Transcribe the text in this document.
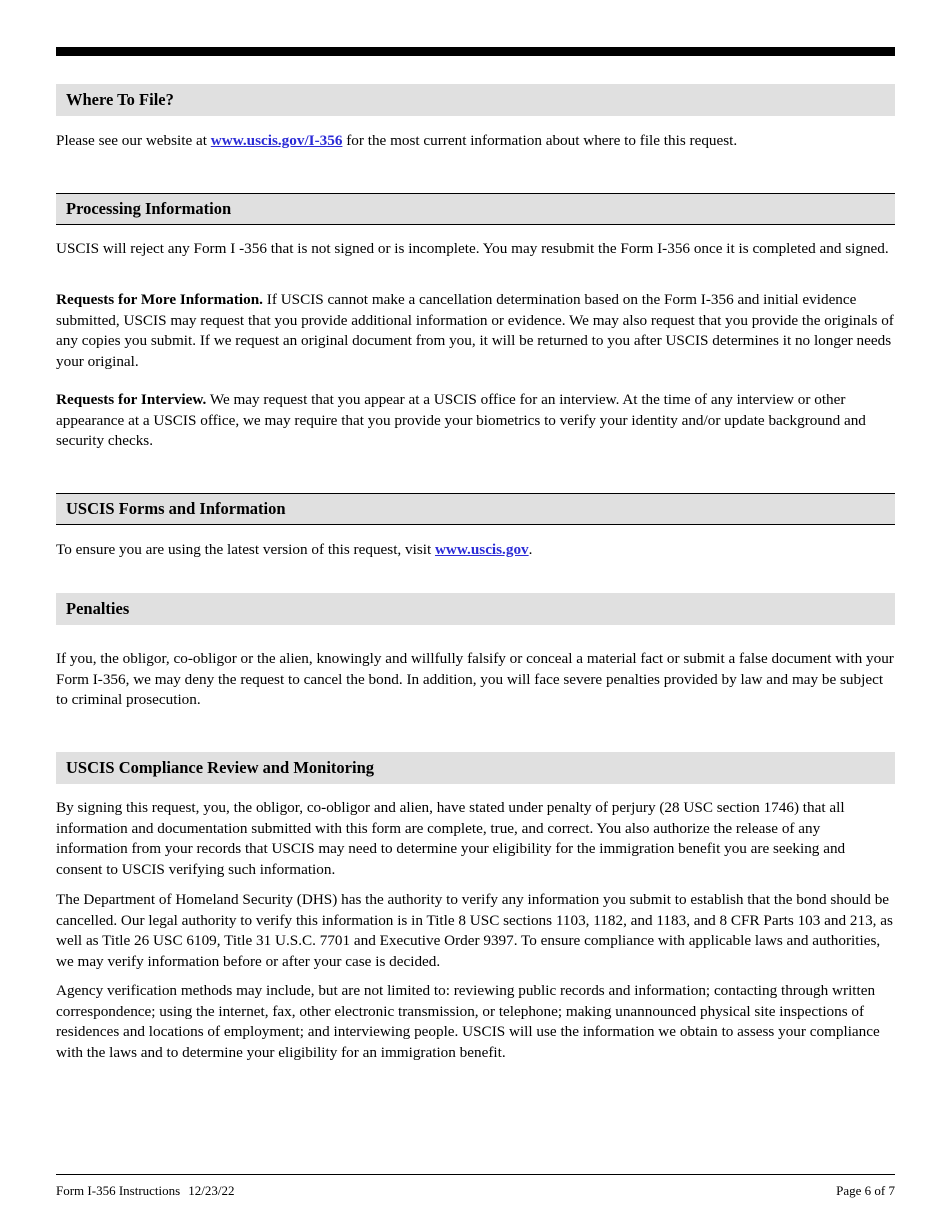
Where To File?

Please see our website at www.uscis.gov/I-356 for the most current information about where to file this request.

Processing Information

USCIS will reject any Form I -356 that is not signed or is incomplete. You may resubmit the Form I-356 once it is completed and signed.

Requests for More Information. If USCIS cannot make a cancellation determination based on the Form I-356 and initial evidence submitted, USCIS may request that you provide additional information or evidence. We may also request that you provide the originals of any copies you submit. If we request an original document from you, it will be returned to you after USCIS determines it no longer needs your original.

Requests for Interview. We may request that you appear at a USCIS office for an interview. At the time of any interview or other appearance at a USCIS office, we may require that you provide your biometrics to verify your identity and/or update background and security checks.

USCIS Forms and Information

To ensure you are using the latest version of this request, visit www.uscis.gov.

Penalties

If you, the obligor, co-obligor or the alien, knowingly and willfully falsify or conceal a material fact or submit a false document with your Form I-356, we may deny the request to cancel the bond. In addition, you will face severe penalties provided by law and may be subject to criminal prosecution.

USCIS Compliance Review and Monitoring

By signing this request, you, the obligor, co-obligor and alien, have stated under penalty of perjury (28 USC section 1746) that all information and documentation submitted with this form are complete, true, and correct. You also authorize the release of any information from your records that USCIS may need to determine your eligibility for the immigration benefit you are seeking and consent to USCIS verifying such information.

The Department of Homeland Security (DHS) has the authority to verify any information you submit to establish that the bond should be cancelled. Our legal authority to verify this information is in Title 8 USC sections 1103, 1182, and 1183, and 8 CFR Parts 103 and 213, as well as Title 26 USC 6109, Title 31 U.S.C. 7701 and Executive Order 9397. To ensure compliance with applicable laws and authorities, we may verify information before or after your case is decided.

Agency verification methods may include, but are not limited to: reviewing public records and information; contacting through written correspondence; using the internet, fax, other electronic transmission, or telephone; making unannounced physical site inspections of residences and locations of employment; and interviewing people. USCIS will use the information we obtain to assess your compliance with the laws and to determine your eligibility for an immigration benefit.

Form I-356 Instructions 12/23/22	Page 6 of 7
